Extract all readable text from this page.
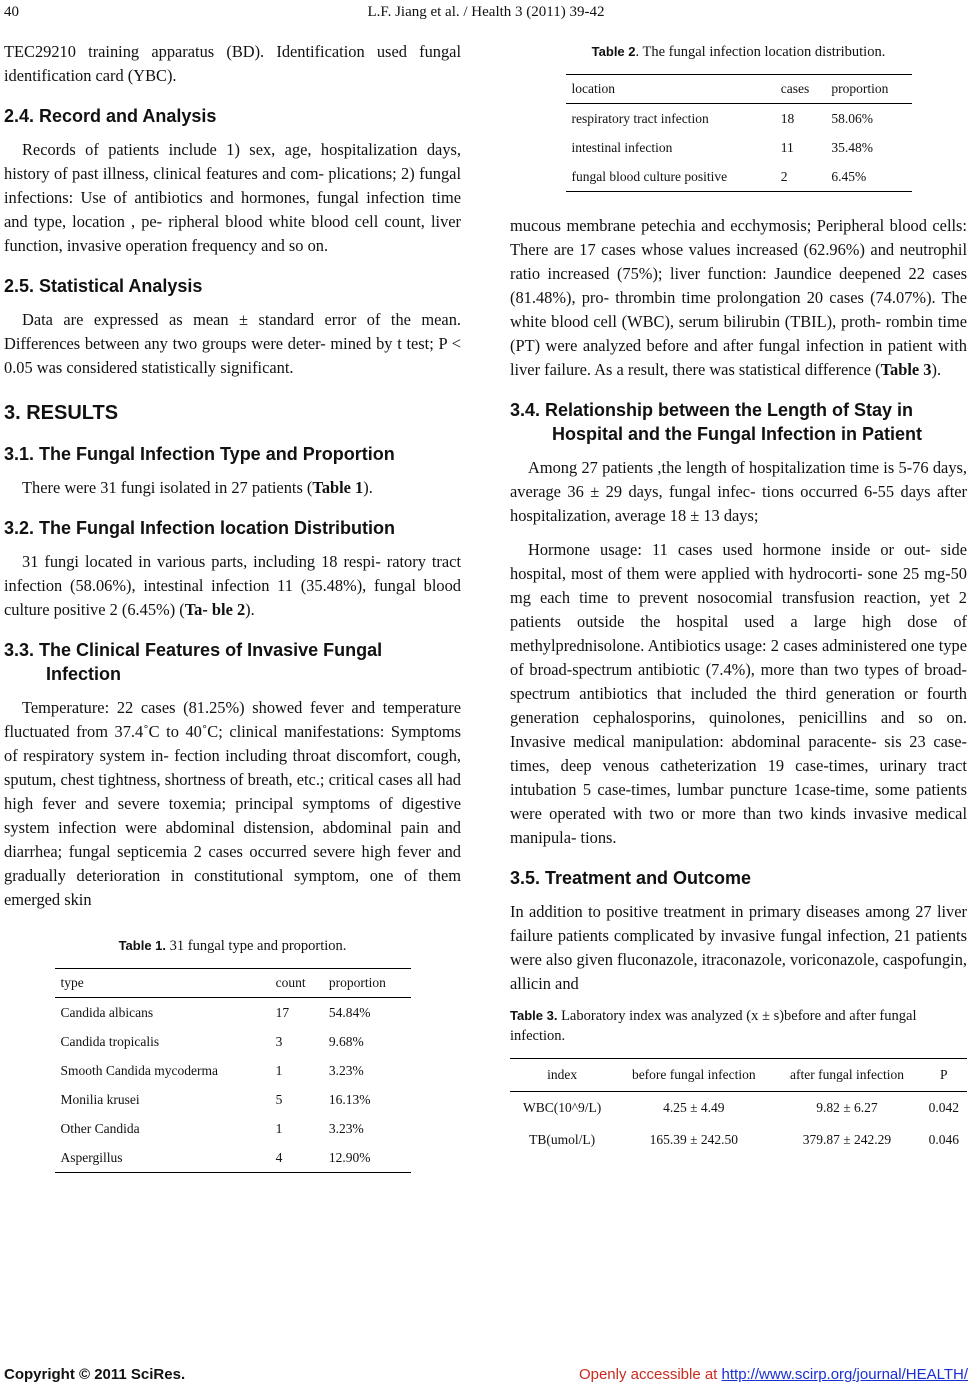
40	L.F. Jiang et al. / Health 3 (2011) 39-42

TEC29210 training apparatus (BD). Identification used fungal identification card (YBC).

2.4. Record and Analysis

Records of patients include 1) sex, age, hospitalization days, history of past illness, clinical features and com- plications; 2) fungal infections: Use of antibiotics and hormones, fungal infection time and type, location , pe- ripheral blood white blood cell count, liver function, invasive operation frequency and so on.

2.5. Statistical Analysis

Data are expressed as mean ± standard error of the mean. Differences between any two groups were deter- mined by t test; P < 0.05 was considered statistically significant.

3. RESULTS
3.1. The Fungal Infection Type and Proportion

There were 31 fungi isolated in 27 patients (Table 1).

3.2. The Fungal Infection location Distribution

31 fungi located in various parts, including 18 respi- ratory tract infection (58.06%), intestinal infection 11 (35.48%), fungal blood culture positive 2 (6.45%) (Ta- ble 2).

3.3. The Clinical Features of Invasive Fungal Infection

Temperature: 22 cases (81.25%) showed fever and temperature fluctuated from 37.4˚C to 40˚C; clinical manifestations: Symptoms of respiratory system in- fection including throat discomfort, cough, sputum, chest tightness, shortness of breath, etc.; critical cases all had high fever and severe toxemia; principal symptoms of digestive system infection were abdominal distension, abdominal pain and diarrhea; fungal septicemia 2 cases occurred severe high fever and gradually deterioration in constitutional symptom, one of them emerged skin

Table 1. 31 fungal type and proportion.
type	count	proportion
Candida albicans	17	54.84%
Candida tropicalis	3	9.68%
Smooth Candida mycoderma	1	3.23%
Monilia krusei	5	16.13%
Other Candida	1	3.23%
Aspergillus	4	12.90%
Table 2. The fungal infection location distribution.
location	cases	proportion
respiratory tract infection	18	58.06%
intestinal infection	11	35.48%
fungal blood culture positive	2	6.45%

mucous membrane petechia and ecchymosis; Peripheral blood cells: There are 17 cases whose values increased (62.96%) and neutrophil ratio increased (75%); liver function: Jaundice deepened 22 cases (81.48%), pro- thrombin time prolongation 20 cases (74.07%). The white blood cell (WBC), serum bilirubin (TBIL), proth- rombin time (PT) were analyzed before and after fungal infection in patient with liver failure. As a result, there was statistical difference (Table 3).

3.4. Relationship between the Length of Stay in Hospital and the Fungal Infection in Patient

Among 27 patients ,the length of hospitalization time is 5-76 days, average 36 ± 29 days, fungal infec- tions occurred 6-55 days after hospitalization, average 18 ± 13 days;

Hormone usage: 11 cases used hormone inside or out- side hospital, most of them were applied with hydrocorti- sone 25 mg-50 mg each time to prevent nosocomial transfusion reaction, yet 2 patients outside the hospital used a large high dose of methylprednisolone. Antibiotics usage: 2 cases administered one type of broad-spectrum antibiotic (7.4%), more than two types of broad-spectrum antibiotics that included the third generation or fourth generation cephalosporins, quinolones, penicillins and so on. Invasive medical manipulation: abdominal paracente- sis 23 case-times, deep venous catheterization 19 case-times, urinary tract intubation 5 case-times, lumbar puncture 1case-time, some patients were operated with two or more than two kinds invasive medical manipula- tions.

3.5. Treatment and Outcome

In addition to positive treatment in primary diseases among 27 liver failure patients complicated by invasive fungal infection, 21 patients were also given fluconazole, itraconazole, voriconazole, caspofungin, allicin and

Table 3. Laboratory index was analyzed (x ± s)before and after fungal infection.
index	before fungal infection	after fungal infection	P
WBC(10^9/L)	4.25 ± 4.49	9.82 ± 6.27	0.042
TB(umol/L)	165.39 ± 242.50	379.87 ± 242.29	0.046
Copyright © 2011 SciRes.	Openly accessible at http://www.scirp.org/journal/HEALTH/
